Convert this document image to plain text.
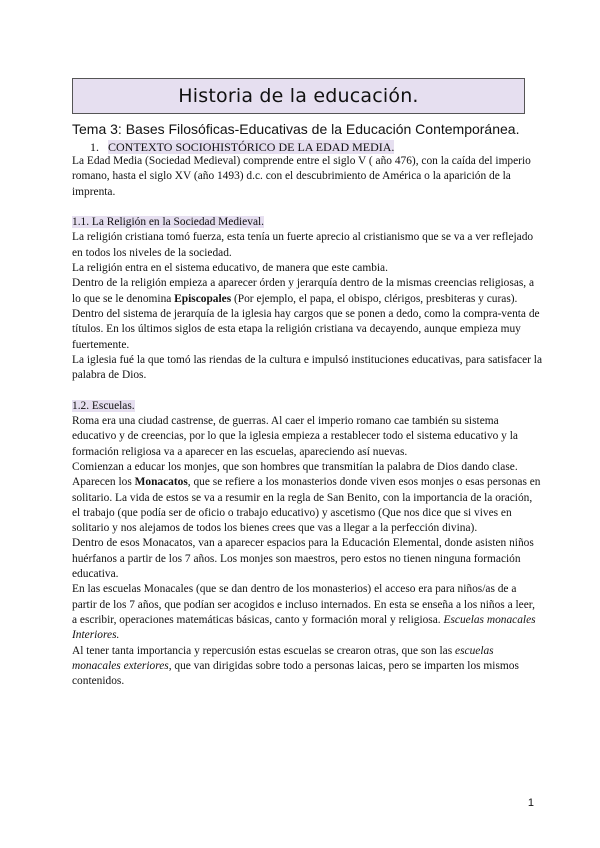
Historia de la educación.
Tema 3: Bases Filosóficas-Educativas de la Educación Contemporánea.
1. CONTEXTO SOCIOHISTÓRICO DE LA EDAD MEDIA.

La Edad Media (Sociedad Medieval) comprende entre el siglo V ( año 476), con la caída del imperio romano, hasta el siglo XV (año 1493) d.c. con el descubrimiento de América o la aparición de la imprenta.

1.1. La Religión en la Sociedad Medieval.

La religión cristiana tomó fuerza, esta tenía un fuerte aprecio al cristianismo que se va a ver reflejado en todos los niveles de la sociedad.

La religión entra en el sistema educativo, de manera que este cambia.

Dentro de la religión empieza a aparecer órden y jerarquía dentro de la mismas creencias religiosas, a lo que se le denomina Episcopales (Por ejemplo, el papa, el obispo, clérigos, presbiteras y curas).

Dentro del sistema de jerarquía de la iglesia hay cargos que se ponen a dedo, como la compra-venta de títulos. En los últimos siglos de esta etapa la religión cristiana va decayendo, aunque empieza muy fuertemente.

La iglesia fué la que tomó las riendas de la cultura e impulsó instituciones educativas, para satisfacer la palabra de Dios.

1.2. Escuelas.

Roma era una ciudad castrense, de guerras. Al caer el imperio romano cae también su sistema educativo y de creencias, por lo que la iglesia empieza a restablecer todo el sistema educativo y la formación religiosa va a aparecer en las escuelas, apareciendo así nuevas.

Comienzan a educar los monjes, que son hombres que transmitían la palabra de Dios dando clase.

Aparecen los Monacatos, que se refiere a los monasterios donde viven esos monjes o esas personas en solitario. La vida de estos se va a resumir en la regla de San Benito, con la importancia de la oración, el trabajo (que podía ser de oficio o trabajo educativo) y ascetismo (Que nos dice que si vives en solitario y nos alejamos de todos los bienes crees que vas a llegar a la perfección divina).

Dentro de esos Monacatos, van a aparecer espacios para la Educación Elemental, donde asisten niños huérfanos a partir de los 7 años. Los monjes son maestros, pero estos no tienen ninguna formación educativa.

En las escuelas Monacales (que se dan dentro de los monasterios) el acceso era para niños/as de a partir de los 7 años, que podían ser acogidos e incluso internados. En esta se enseña a los niños a leer, a escribir, operaciones matemáticas básicas, canto y formación moral y religiosa. Escuelas monacales Interiores.

Al tener tanta importancia y repercusión estas escuelas se crearon otras, que son las escuelas monacales exteriores, que van dirigidas sobre todo a personas laicas, pero se imparten los mismos contenidos.

1
